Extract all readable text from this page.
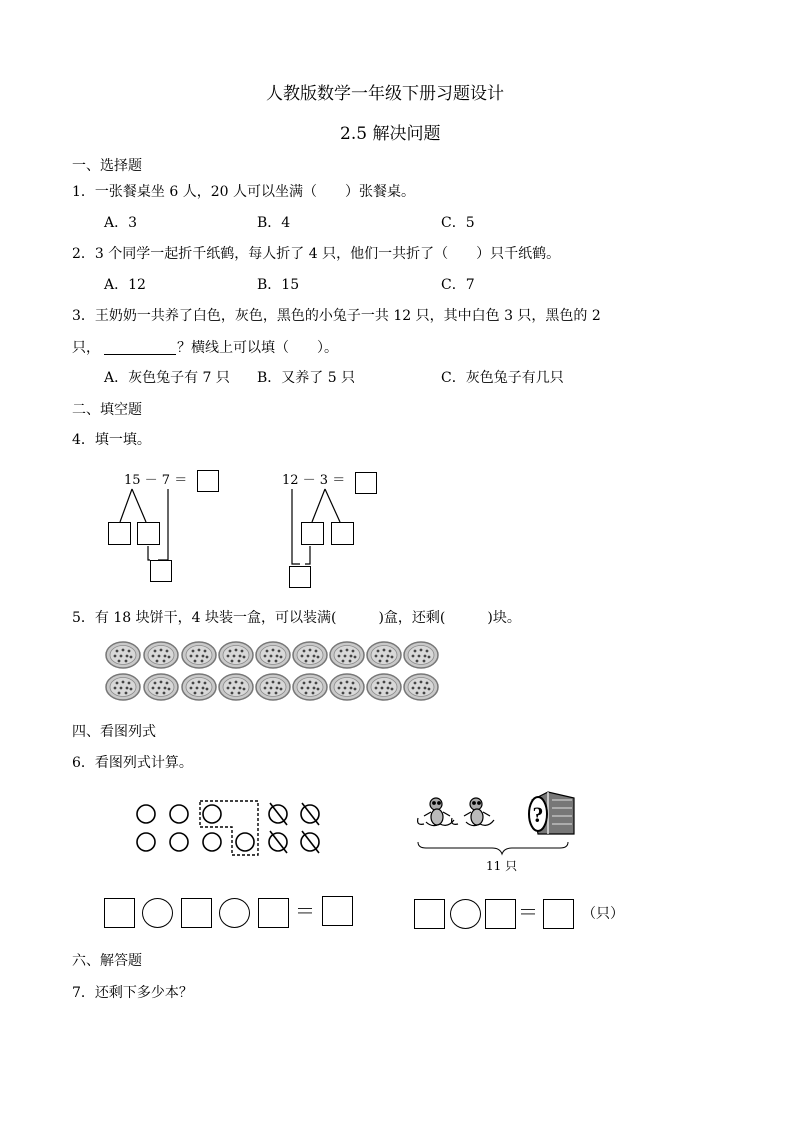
人教版数学一年级下册习题设计
2.5 解决问题
一、选择题
1．一张餐桌坐 6 人，20 人可以坐满（　　）张餐桌。
A．3	B．4	C．5
2．3 个同学一起折千纸鹤，每人折了 4 只，他们一共折了（　　）只千纸鹤。
A．12	B．15	C．7
3．王奶奶一共养了白色，灰色，黑色的小兔子一共 12 只，其中白色 3 只，黑色的 2
只，	？横线上可以填（　　）。
A．灰色兔子有 7 只 B．又养了 5 只	C．灰色兔子有几只
二、填空题
4．填一填。
15 － 7 ＝	12 － 3 ＝
5．有 18 块饼干，4 块装一盒，可以装满(　　　)盒，还剩(　　　)块。
四、看图列式
6．看图列式计算。
?
11 只
＝	＝	（只）
六、解答题
7．还剩下多少本？
